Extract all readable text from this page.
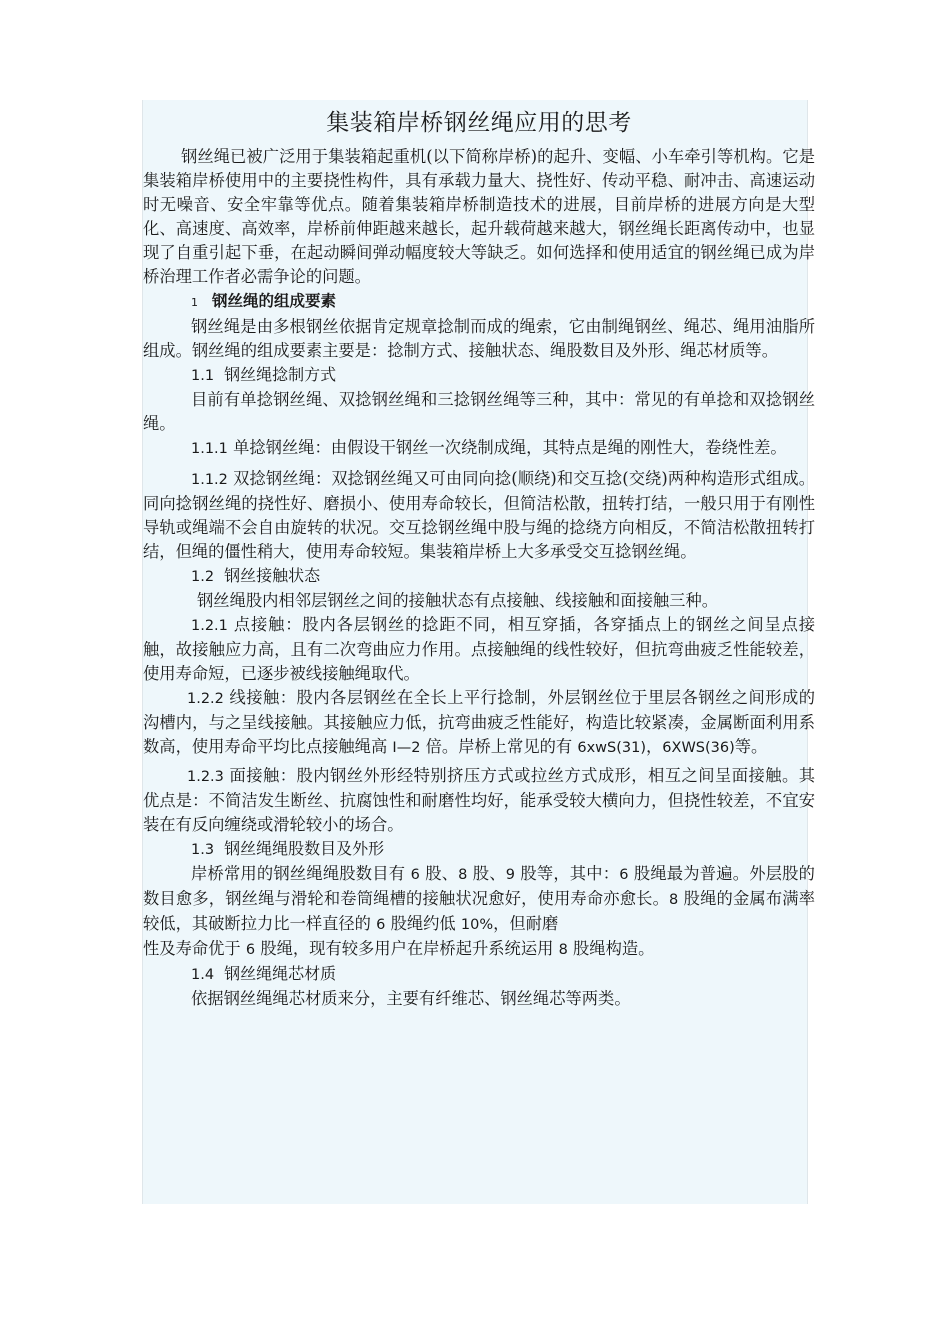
集装箱岸桥钢丝绳应用的思考

钢丝绳已被广泛用于集装箱起重机(以下简称岸桥)的起升、变幅、小车牵引等机构。它是集装箱岸桥使用中的主要挠性构件，具有承载力量大、挠性好、传动平稳、耐冲击、高速运动时无噪音、安全牢靠等优点。随着集装箱岸桥制造技术的进展，目前岸桥的进展方向是大型化、高速度、高效率，岸桥前伸距越来越长，起升载荷越来越大，钢丝绳长距离传动中，也显现了自重引起下垂，在起动瞬间弹动幅度较大等缺乏。如何选择和使用适宜的钢丝绳已成为岸桥治理工作者必需争论的问题。

1 钢丝绳的组成要素

钢丝绳是由多根钢丝依据肯定规章捻制而成的绳索，它由制绳钢丝、绳芯、绳用油脂所组成。钢丝绳的组成要素主要是：捻制方式、接触状态、绳股数目及外形、绳芯材质等。

1.1 钢丝绳捻制方式

目前有单捻钢丝绳、双捻钢丝绳和三捻钢丝绳等三种，其中：常见的有单捻和双捻钢丝绳。

1.1.1 单捻钢丝绳：由假设干钢丝一次绕制成绳，其特点是绳的刚性大，卷绕性差。

1.1.2 双捻钢丝绳：双捻钢丝绳又可由同向捻(顺绕)和交互捻(交绕)两种构造形式组成。同向捻钢丝绳的挠性好、磨损小、使用寿命较长，但简洁松散，扭转打结，一般只用于有刚性导轨或绳端不会自由旋转的状况。交互捻钢丝绳中股与绳的捻绕方向相反，不简洁松散扭转打结，但绳的僵性稍大，使用寿命较短。集装箱岸桥上大多承受交互捻钢丝绳。

1.2 钢丝接触状态

钢丝绳股内相邻层钢丝之间的接触状态有点接触、线接触和面接触三种。

1.2.1 点接触：股内各层钢丝的捻距不同，相互穿插，各穿插点上的钢丝之间呈点接触，故接触应力高，且有二次弯曲应力作用。点接触绳的线性较好，但抗弯曲疲乏性能较差，使用寿命短，已逐步被线接触绳取代。

1.2.2 线接触：股内各层钢丝在全长上平行捻制，外层钢丝位于里层各钢丝之间形成的沟槽内，与之呈线接触。其接触应力低，抗弯曲疲乏性能好，构造比较紧凑，金属断面利用系数高，使用寿命平均比点接触绳高 I—2 倍。岸桥上常见的有 6xwS(31)，6XWS(36)等。

1.2.3 面接触：股内钢丝外形经特别挤压方式或拉丝方式成形，相互之间呈面接触。其优点是：不简洁发生断丝、抗腐蚀性和耐磨性均好，能承受较大横向力，但挠性较差，不宜安装在有反向缠绕或滑轮较小的场合。

1.3 钢丝绳绳股数目及外形

岸桥常用的钢丝绳绳股数目有 6 股、8 股、9 股等，其中：6 股绳最为普遍。外层股的数目愈多，钢丝绳与滑轮和卷筒绳槽的接触状况愈好，使用寿命亦愈长。8 股绳的金属布满率较低，其破断拉力比一样直径的 6 股绳约低 10%，但耐磨

性及寿命优于 6 股绳，现有较多用户在岸桥起升系统运用 8 股绳构造。

1.4 钢丝绳绳芯材质

依据钢丝绳绳芯材质来分，主要有纤维芯、钢丝绳芯等两类。
